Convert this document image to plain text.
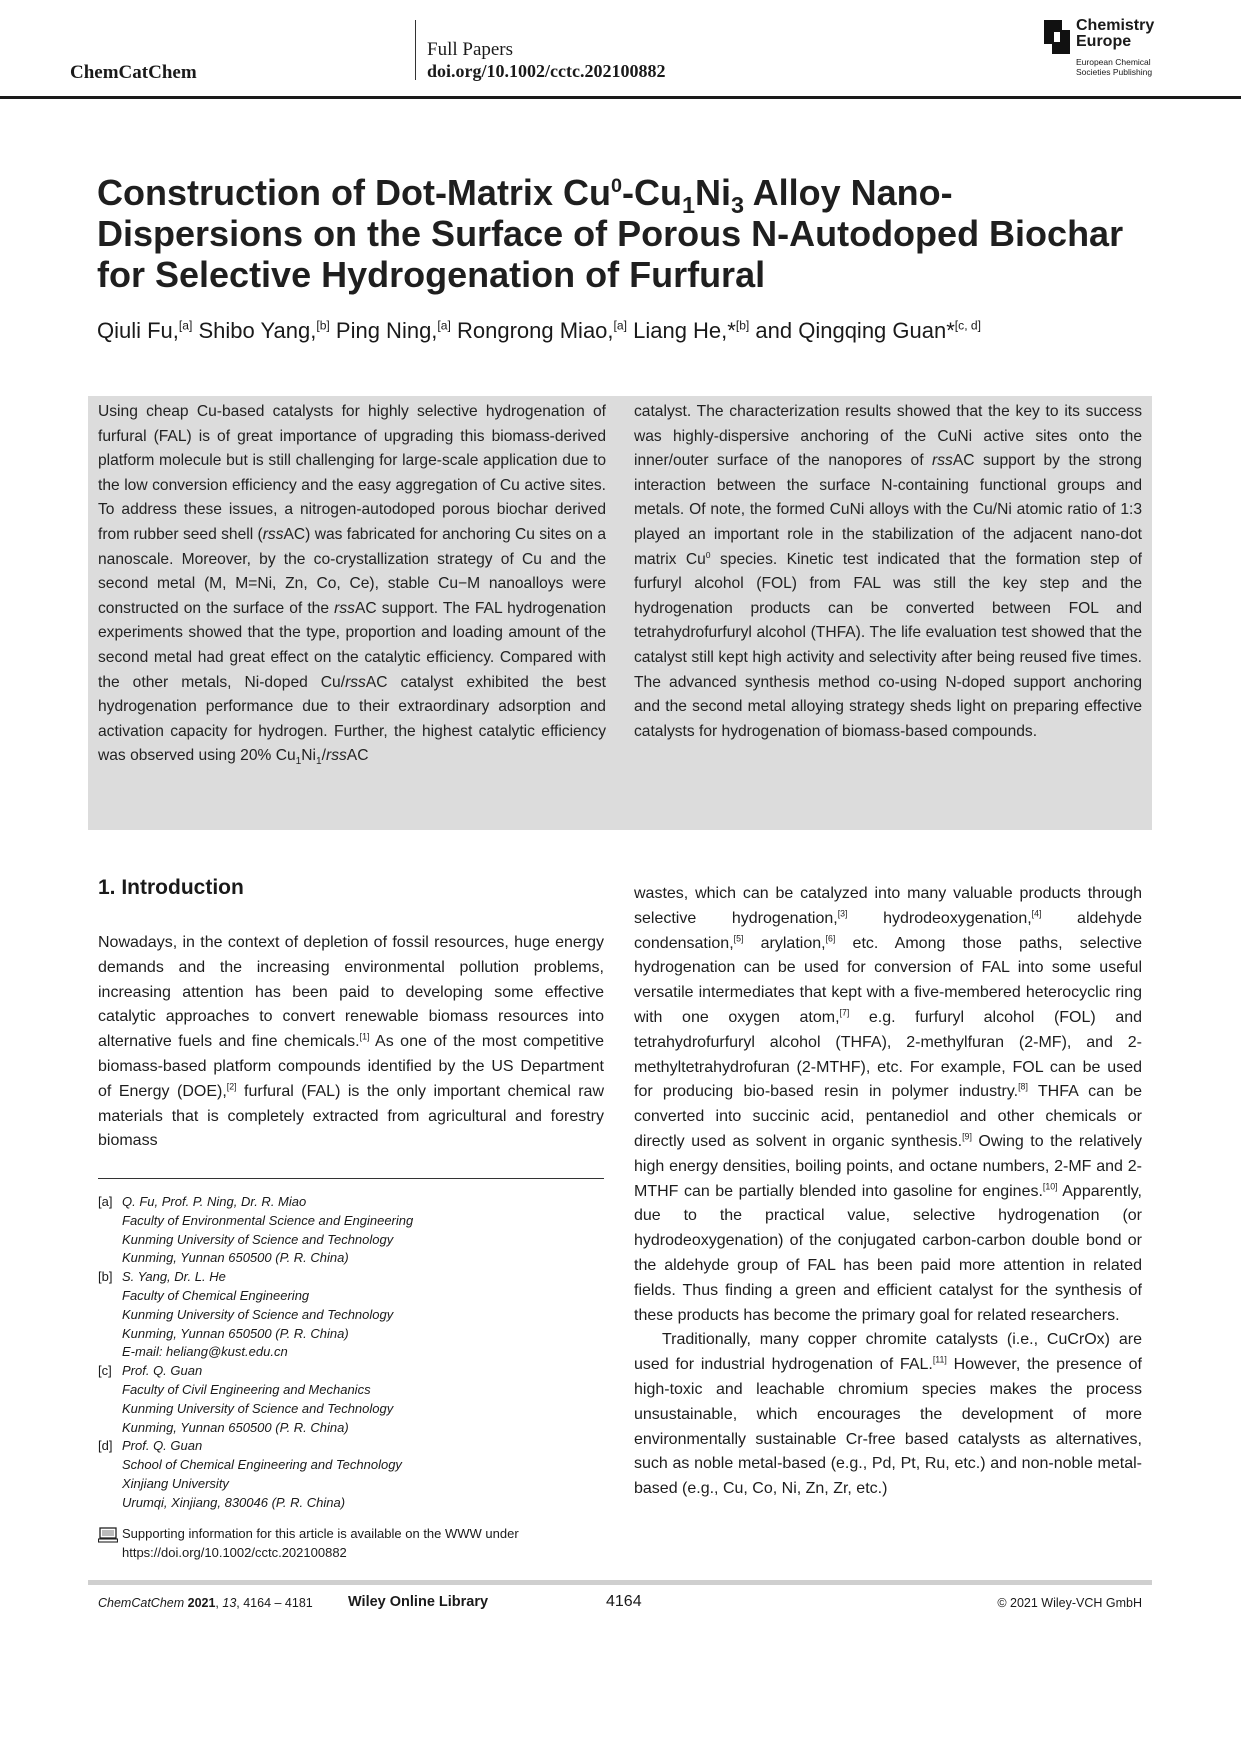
ChemCatChem
Full Papers
doi.org/10.1002/cctc.202100882
Chemistry
Europe
European Chemical
Societies Publishing
Construction of Dot-Matrix $Cu^0-Cu_1Ni_3$ Alloy Nano-Dispersions on the Surface of Porous N-Autodoped Biochar for Selective Hydrogenation of Furfural
Qiuli Fu,[a] Shibo Yang,[b] Ping Ning,[a] Rongrong Miao,[a] Liang He,*[b] and Qingqing Guan*[c, d]
Using cheap Cu-based catalysts for highly selective hydrogenation of furfural (FAL) is of great importance of upgrading this biomass-derived platform molecule but is still challenging for large-scale application due to the low conversion efficiency and the easy aggregation of Cu active sites. To address these issues, a nitrogen-autodoped porous biochar derived from rubber seed shell (rssAC) was fabricated for anchoring Cu sites on a nanoscale. Moreover, by the co-crystallization strategy of Cu and the second metal (M, M=Ni, Zn, Co, Ce), stable Cu−M nanoalloys were constructed on the surface of the rssAC support. The FAL hydrogenation experiments showed that the type, proportion and loading amount of the second metal had great effect on the catalytic efficiency. Compared with the other metals, Ni-doped Cu/rssAC catalyst exhibited the best hydrogenation performance due to their extraordinary adsorption and activation capacity for hydrogen. Further, the highest catalytic efficiency was observed using 20% $Cu_1Ni_1$/rssAC
catalyst. The characterization results showed that the key to its success was highly-dispersive anchoring of the CuNi active sites onto the inner/outer surface of the nanopores of rssAC support by the strong interaction between the surface N-containing functional groups and metals. Of note, the formed CuNi alloys with the Cu/Ni atomic ratio of 1:3 played an important role in the stabilization of the adjacent nano-dot matrix Cu$^0$ species. Kinetic test indicated that the formation step of furfuryl alcohol (FOL) from FAL was still the key step and the hydrogenation products can be converted between FOL and tetrahydrofurfuryl alcohol (THFA). The life evaluation test showed that the catalyst still kept high activity and selectivity after being reused five times. The advanced synthesis method co-using N-doped support anchoring and the second metal alloying strategy sheds light on preparing effective catalysts for hydrogenation of biomass-based compounds.
1. Introduction
Nowadays, in the context of depletion of fossil resources, huge energy demands and the increasing environmental pollution problems, increasing attention has been paid to developing some effective catalytic approaches to convert renewable biomass resources into alternative fuels and fine chemicals.[1] As one of the most competitive biomass-based platform compounds identified by the US Department of Energy (DOE),[2] furfural (FAL) is the only important chemical raw materials that is completely extracted from agricultural and forestry biomass

wastes, which can be catalyzed into many valuable products through selective hydrogenation,[3] hydrodeoxygenation,[4] aldehyde condensation,[5] arylation,[6] etc. Among those paths, selective hydrogenation can be used for conversion of FAL into some useful versatile intermediates that kept with a five-membered heterocyclic ring with one oxygen atom,[7] e.g. furfuryl alcohol (FOL) and tetrahydrofurfuryl alcohol (THFA), 2-methylfuran (2-MF), and 2-methyltetrahydrofuran (2-MTHF), etc. For example, FOL can be used for producing bio-based resin in polymer industry.[8] THFA can be converted into succinic acid, pentanediol and other chemicals or directly used as solvent in organic synthesis.[9] Owing to the relatively high energy densities, boiling points, and octane numbers, 2-MF and 2-MTHF can be partially blended into gasoline for engines.[10] Apparently, due to the practical value, selective hydrogenation (or hydrodeoxygenation) of the conjugated carbon-carbon double bond or the aldehyde group of FAL has been paid more attention in related fields. Thus finding a green and efficient catalyst for the synthesis of these products has become the primary goal for related researchers.

Traditionally, many copper chromite catalysts (i.e., CuCrOx) are used for industrial hydrogenation of FAL.[11] However, the presence of high-toxic and leachable chromium species makes the process unsustainable, which encourages the development of more environmentally sustainable Cr-free based catalysts as alternatives, such as noble metal-based (e.g., Pd, Pt, Ru, etc.) and non-noble metal-based (e.g., Cu, Co, Ni, Zn, Zr, etc.)

[a] Q. Fu, Prof. P. Ning, Dr. R. Miao
Faculty of Environmental Science and Engineering
Kunming University of Science and Technology
Kunming, Yunnan 650500 (P. R. China)
[b] S. Yang, Dr. L. He
Faculty of Chemical Engineering
Kunming University of Science and Technology
Kunming, Yunnan 650500 (P. R. China)
E-mail: heliang@kust.edu.cn
[c] Prof. Q. Guan
Faculty of Civil Engineering and Mechanics
Kunming University of Science and Technology
Kunming, Yunnan 650500 (P. R. China)
[d] Prof. Q. Guan
School of Chemical Engineering and Technology
Xinjiang University
Urumqi, Xinjiang, 830046 (P. R. China)
Supporting information for this article is available on the WWW under https://doi.org/10.1002/cctc.202100882
ChemCatChem 2021, 13, 4164 – 4181 Wiley Online Library	4164	© 2021 Wiley-VCH GmbH
